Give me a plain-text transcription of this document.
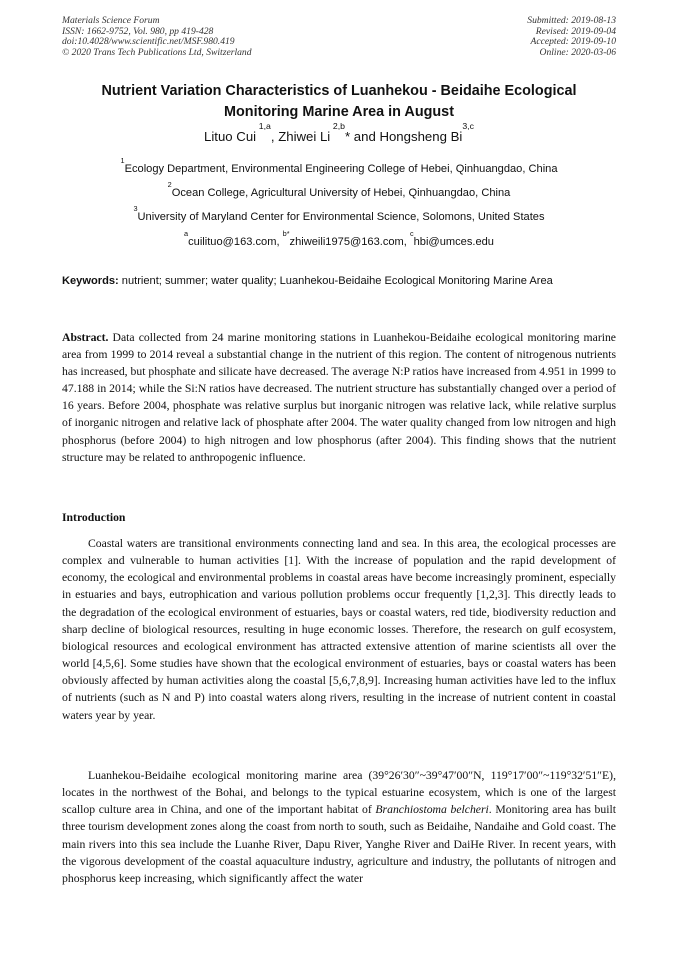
Materials Science Forum
ISSN: 1662-9752, Vol. 980, pp 419-428
doi:10.4028/www.scientific.net/MSF.980.419
© 2020 Trans Tech Publications Ltd, Switzerland
Submitted: 2019-08-13
Revised: 2019-09-04
Accepted: 2019-09-10
Online: 2020-03-06
Nutrient Variation Characteristics of Luanhekou - Beidaihe Ecological
Monitoring Marine Area in August
Lituo Cui $^{1,a}$, Zhiwei Li $^{2,b}$* and Hongsheng Bi$^{3,c}$
$^1$Ecology Department, Environmental Engineering College of Hebei, Qinhuangdao, China
$^2$Ocean College, Agricultural University of Hebei, Qinhuangdao, China
$^3$University of Maryland Center for Environmental Science, Solomons, United States
$^a$cuilituo@163.com, $^{b*}$zhiweili1975@163.com, $^c$hbi@umces.edu
Keywords: nutrient; summer; water quality; Luanhekou-Beidaihe Ecological Monitoring Marine Area
Abstract. Data collected from 24 marine monitoring stations in Luanhekou-Beidaihe ecological monitoring marine area from 1999 to 2014 reveal a substantial change in the nutrient of this region. The content of nitrogenous nutrients has increased, but phosphate and silicate have decreased. The average N:P ratios have increased from 4.951 in 1999 to 47.188 in 2014; while the Si:N ratios have decreased. The nutrient structure has substantially changed over a period of 16 years. Before 2004, phosphate was relative surplus but inorganic nitrogen was relative lack, while relative surplus of inorganic nitrogen and relative lack of phosphate after 2004. The water quality changed from low nitrogen and high phosphorus (before 2004) to high nitrogen and low phosphorus (after 2004). This finding shows that the nutrient structure may be related to anthropogenic influence.
Introduction
Coastal waters are transitional environments connecting land and sea. In this area, the ecological processes are complex and vulnerable to human activities [1]. With the increase of population and the rapid development of economy, the ecological and environmental problems in coastal areas have become increasingly prominent, especially in estuaries and bays, eutrophication and various pollution problems occur frequently [1,2,3]. This directly leads to the degradation of the ecological environment of estuaries, bays or coastal waters, red tide, biodiversity reduction and sharp decline of biological resources, resulting in huge economic losses. Therefore, the research on gulf ecosystem, biological resources and ecological environment has attracted extensive attention of marine scientists all over the world [4,5,6]. Some studies have shown that the ecological environment of estuaries, bays or coastal waters has been obviously affected by human activities along the coastal [5,6,7,8,9]. Increasing human activities have led to the influx of nutrients (such as N and P) into coastal waters along rivers, resulting in the increase of nutrient content in coastal waters year by year.
Luanhekou-Beidaihe ecological monitoring marine area (39°26′30″~39°47′00″N, 119°17′00″~119°32′51″E), locates in the northwest of the Bohai, and belongs to the typical estuarine ecosystem, which is one of the largest scallop culture area in China, and one of the important habitat of Branchiostoma belcheri. Monitoring area has built three tourism development zones along the coast from north to south, such as Beidaihe, Nandaihe and Gold coast. The main rivers into this sea include the Luanhe River, Dapu River, Yanghe River and DaiHe River. In recent years, with the vigorous development of the coastal aquaculture industry, agriculture and industry, the pollutants of nitrogen and phosphorus keep increasing, which significantly affect the water
